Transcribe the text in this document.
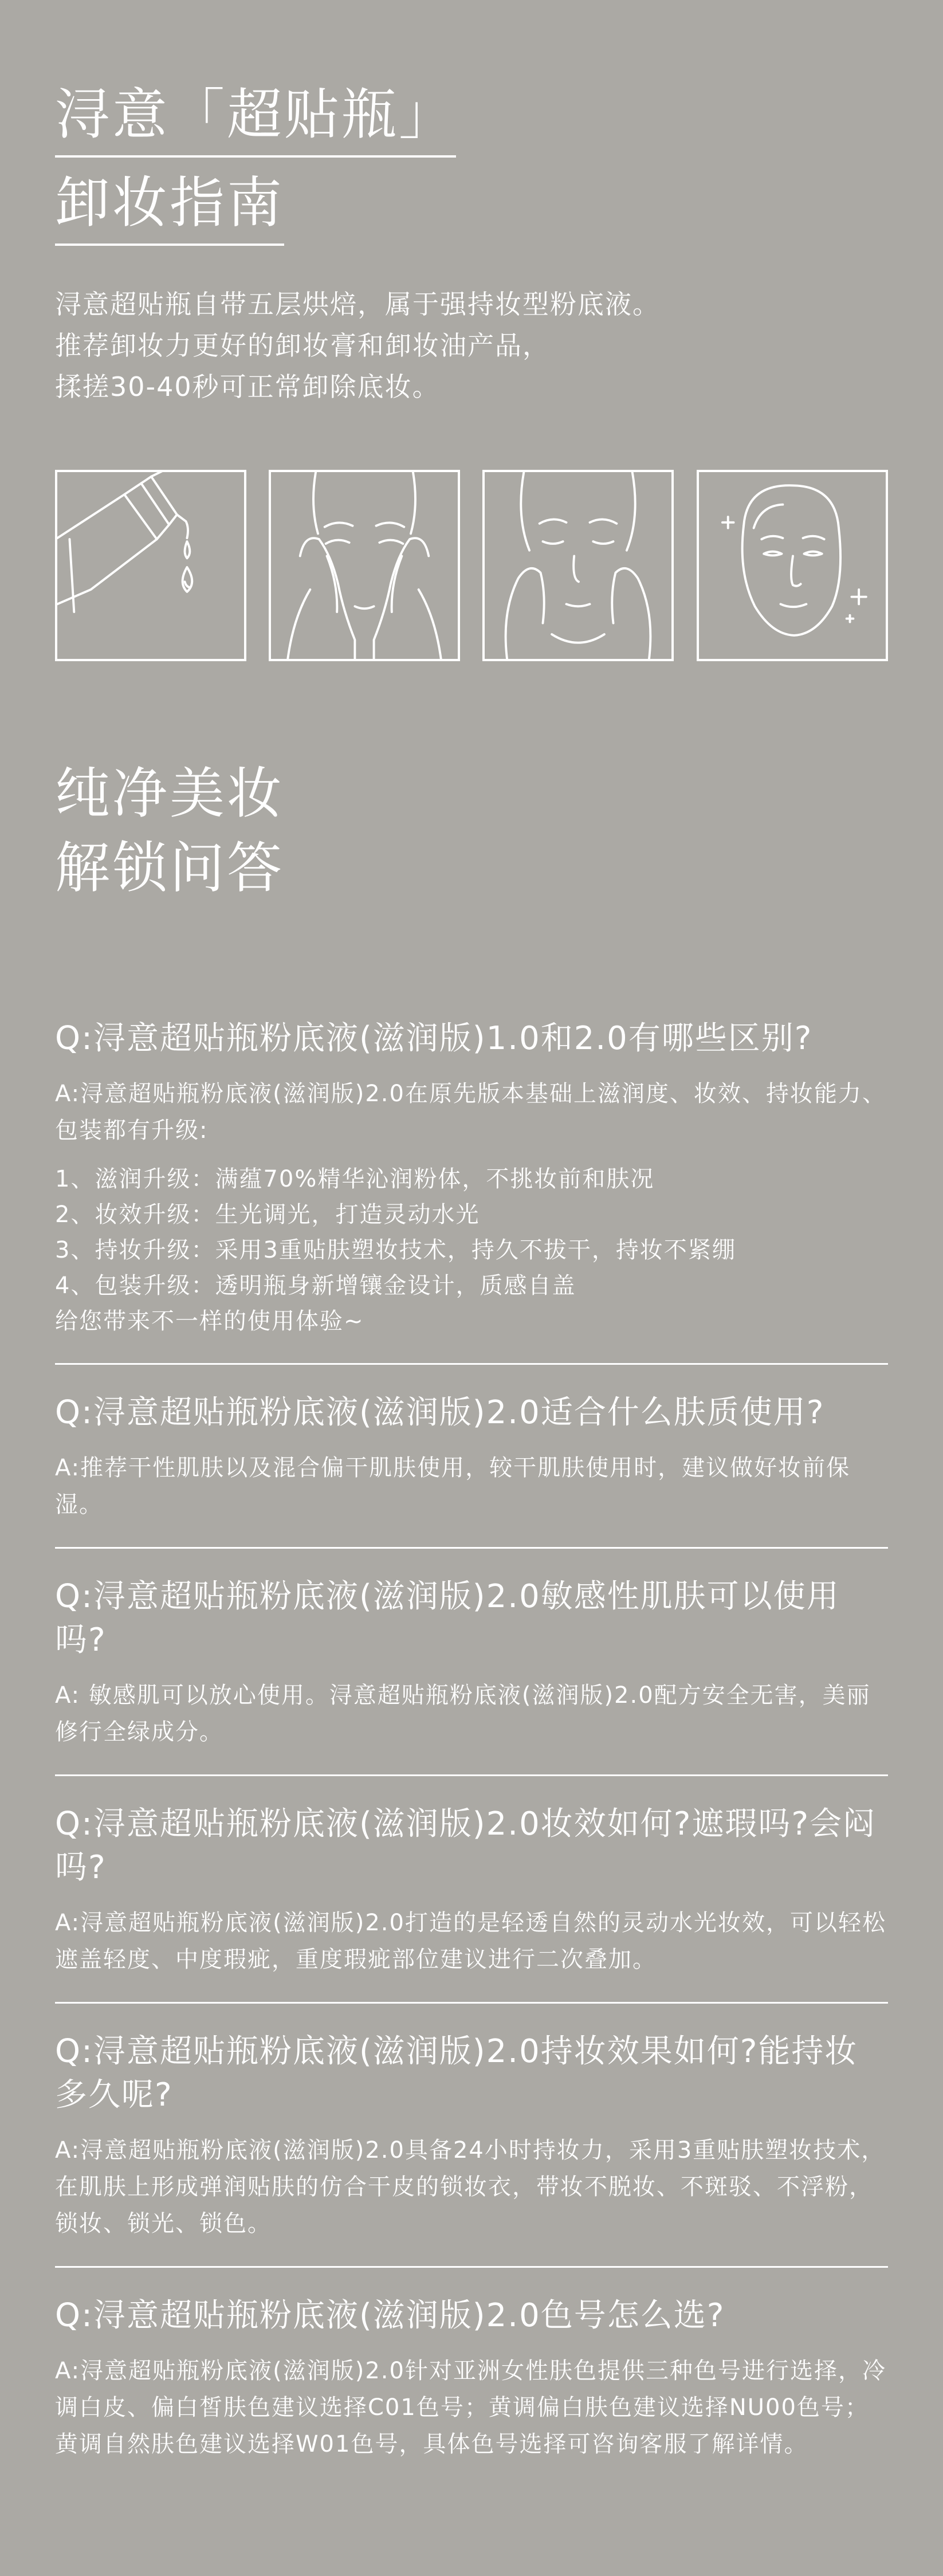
浔意「超贴瓶」
卸妆指南
浔意超贴瓶自带五层烘焙，属于强持妆型粉底液。
推荐卸妆力更好的卸妆膏和卸妆油产品，
揉搓30-40秒可正常卸除底妆。
纯净美妆
解锁问答
Q:浔意超贴瓶粉底液(滋润版)1.0和2.0有哪些区别?
A:浔意超贴瓶粉底液(滋润版)2.0在原先版本基础上滋润度、妆效、持妆能力、包装都有升级:
1、滋润升级：满蕴70%精华沁润粉体，不挑妆前和肤况
2、妆效升级：生光调光，打造灵动水光
3、持妆升级：采用3重贴肤塑妆技术，持久不拔干，持妆不紧绷
4、包装升级：透明瓶身新增镶金设计，质感自盖
给您带来不一样的使用体验~
Q:浔意超贴瓶粉底液(滋润版)2.0适合什么肤质使用?
A:推荐干性肌肤以及混合偏干肌肤使用，较干肌肤使用时，建议做好妆前保湿。
Q:浔意超贴瓶粉底液(滋润版)2.0敏感性肌肤可以使用吗?
A: 敏感肌可以放心使用。浔意超贴瓶粉底液(滋润版)2.0配方安全无害，美丽修行全绿成分。
Q:浔意超贴瓶粉底液(滋润版)2.0妆效如何?遮瑕吗?会闷吗?
A:浔意超贴瓶粉底液(滋润版)2.0打造的是轻透自然的灵动水光妆效，可以轻松遮盖轻度、中度瑕疵，重度瑕疵部位建议进行二次叠加。
Q:浔意超贴瓶粉底液(滋润版)2.0持妆效果如何?能持妆多久呢?
A:浔意超贴瓶粉底液(滋润版)2.0具备24小时持妆力，采用3重贴肤塑妆技术，在肌肤上形成弹润贴肤的仿合干皮的锁妆衣，带妆不脱妆、不斑驳、不浮粉，锁妆、锁光、锁色。
Q:浔意超贴瓶粉底液(滋润版)2.0色号怎么选?
A:浔意超贴瓶粉底液(滋润版)2.0针对亚洲女性肤色提供三种色号进行选择，冷调白皮、偏白皙肤色建议选择C01色号；黄调偏白肤色建议选择NU00色号；黄调自然肤色建议选择W01色号，具体色号选择可咨询客服了解详情。
